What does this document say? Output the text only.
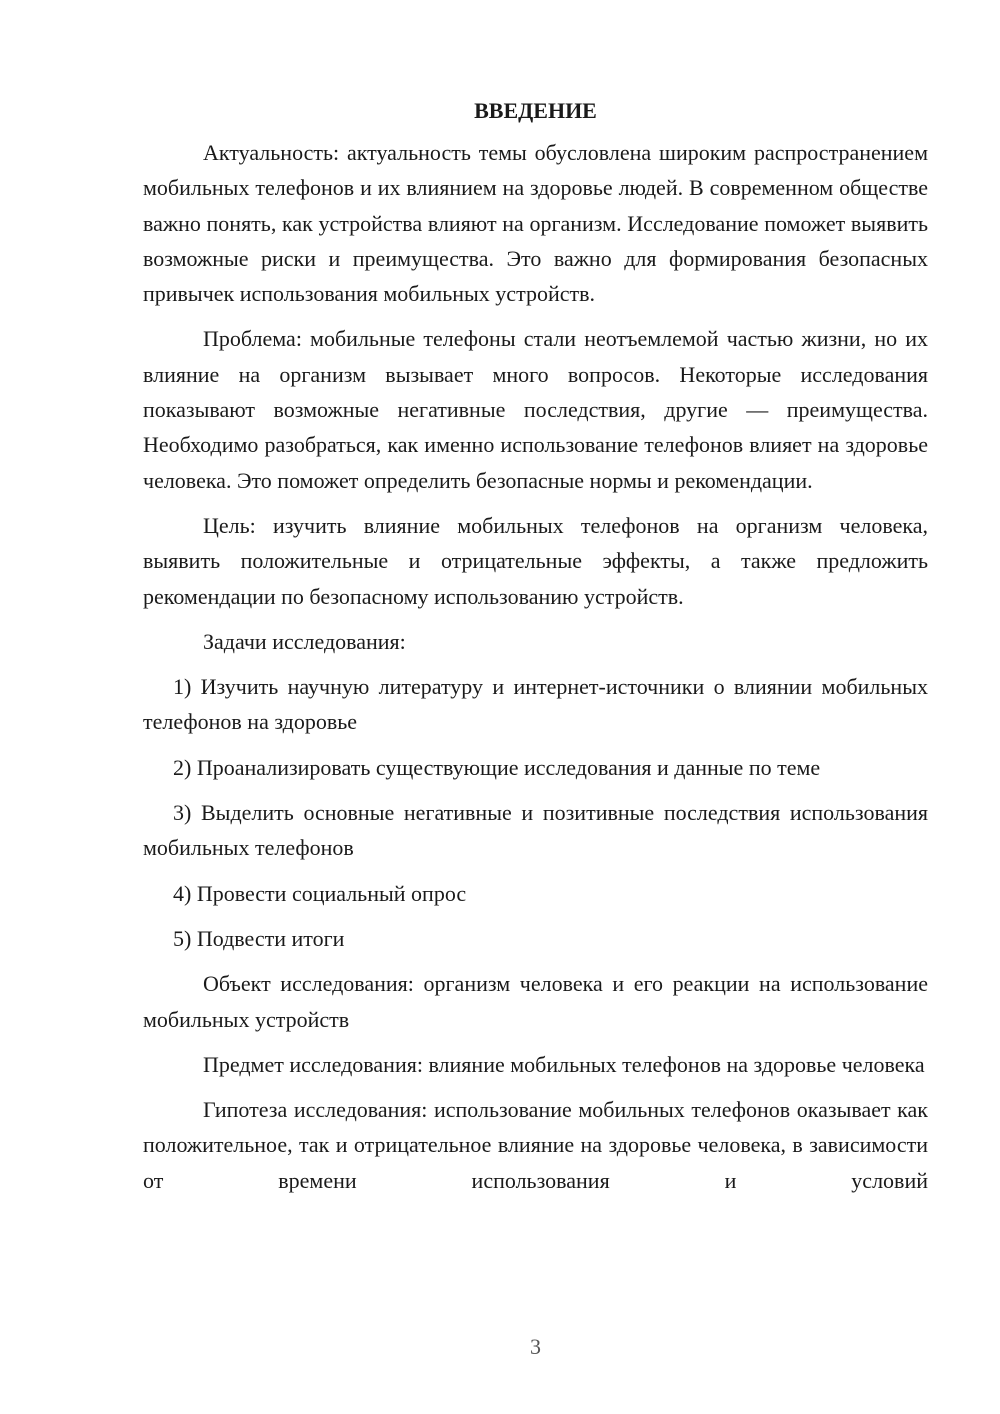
ВВЕДЕНИЕ

Актуальность: актуальность темы обусловлена широким распространением мобильных телефонов и их влиянием на здоровье людей. В современном обществе важно понять, как устройства влияют на организм. Исследование поможет выявить возможные риски и преимущества. Это важно для формирования безопасных привычек использования мобильных устройств.

Проблема: мобильные телефоны стали неотъемлемой частью жизни, но их влияние на организм вызывает много вопросов. Некоторые исследования показывают возможные негативные последствия, другие — преимущества. Необходимо разобраться, как именно использование телефонов влияет на здоровье человека. Это поможет определить безопасные нормы и рекомендации.

Цель: изучить влияние мобильных телефонов на организм человека, выявить положительные и отрицательные эффекты, а также предложить рекомендации по безопасному использованию устройств.

Задачи исследования:

1) Изучить научную литературу и интернет-источники о влиянии мобильных телефонов на здоровье

2) Проанализировать существующие исследования и данные по теме

3) Выделить основные негативные и позитивные последствия использования мобильных телефонов

4) Провести социальный опрос

5) Подвести итоги

Объект исследования: организм человека и его реакции на использование мобильных устройств

Предмет исследования: влияние мобильных телефонов на здоровье человека

Гипотеза исследования: использование мобильных телефонов оказывает как положительное, так и отрицательное влияние на здоровье человека, в зависимости от времени использования и условий

3
